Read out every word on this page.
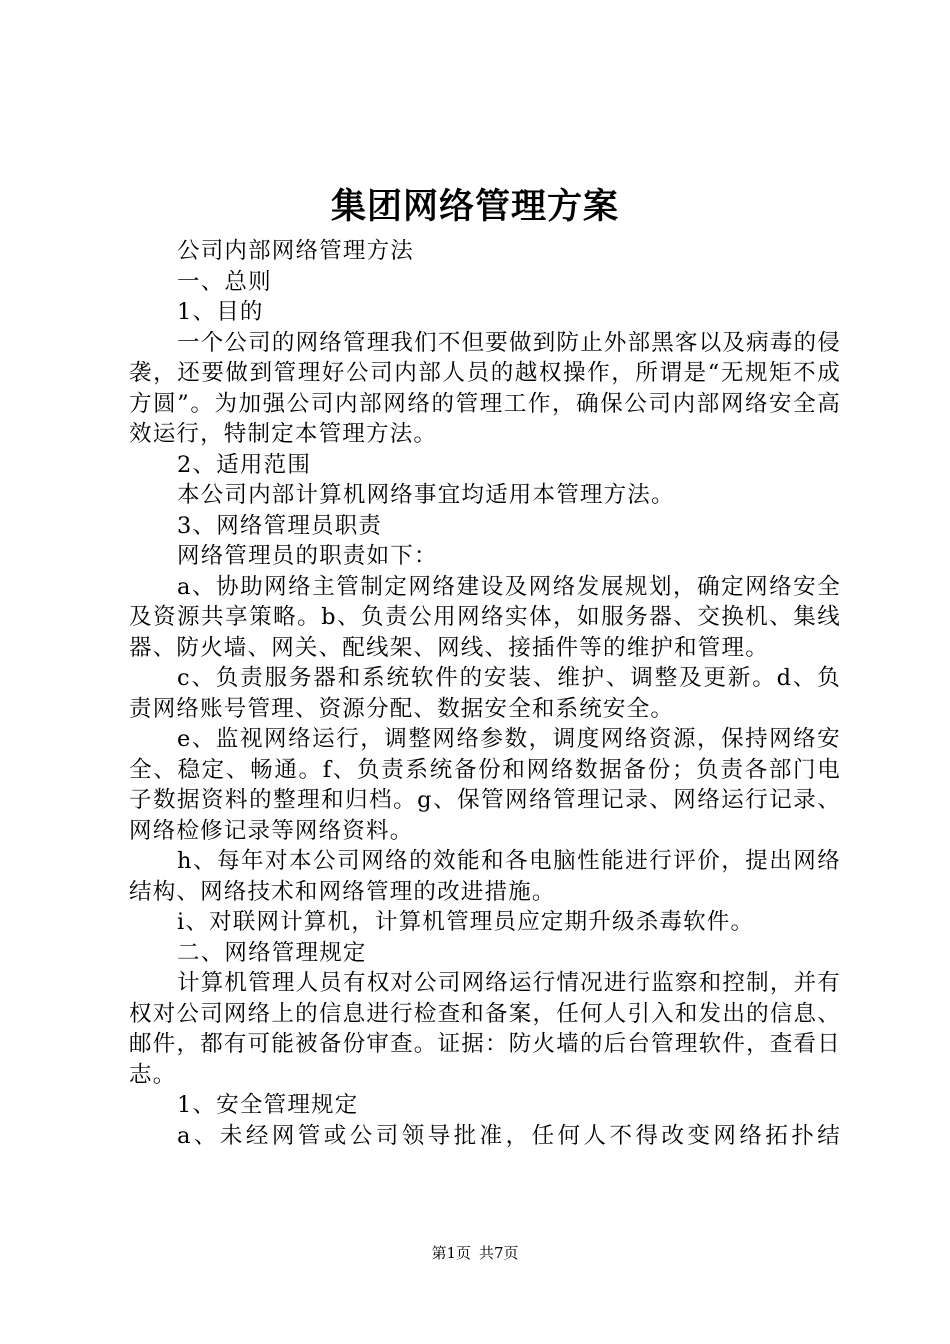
集团网络管理方案

公司内部网络管理方法

一、总则

1、目的

一个公司的网络管理我们不但要做到防止外部黑客以及病毒的侵袭，还要做到管理好公司内部人员的越权操作，所谓是“无规矩不成方圆”。为加强公司内部网络的管理工作，确保公司内部网络安全高效运行，特制定本管理方法。

2、适用范围

本公司内部计算机网络事宜均适用本管理方法。

3、网络管理员职责

网络管理员的职责如下：

a、协助网络主管制定网络建设及网络发展规划，确定网络安全及资源共享策略。b、负责公用网络实体，如服务器、交换机、集线器、防火墙、网关、配线架、网线、接插件等的维护和管理。

c、负责服务器和系统软件的安装、维护、调整及更新。d、负责网络账号管理、资源分配、数据安全和系统安全。

e、监视网络运行，调整网络参数，调度网络资源，保持网络安全、稳定、畅通。f、负责系统备份和网络数据备份；负责各部门电子数据资料的整理和归档。g、保管网络管理记录、网络运行记录、网络检修记录等网络资料。

h、每年对本公司网络的效能和各电脑性能进行评价，提出网络结构、网络技术和网络管理的改进措施。

i、对联网计算机，计算机管理员应定期升级杀毒软件。

二、网络管理规定

计算机管理人员有权对公司网络运行情况进行监察和控制，并有权对公司网络上的信息进行检查和备案，任何人引入和发出的信息、邮件，都有可能被备份审查。证据：防火墙的后台管理软件，查看日志。

1、安全管理规定

a、未经网管或公司领导批准，任何人不得改变网络拓扑结

第1页 共7页
